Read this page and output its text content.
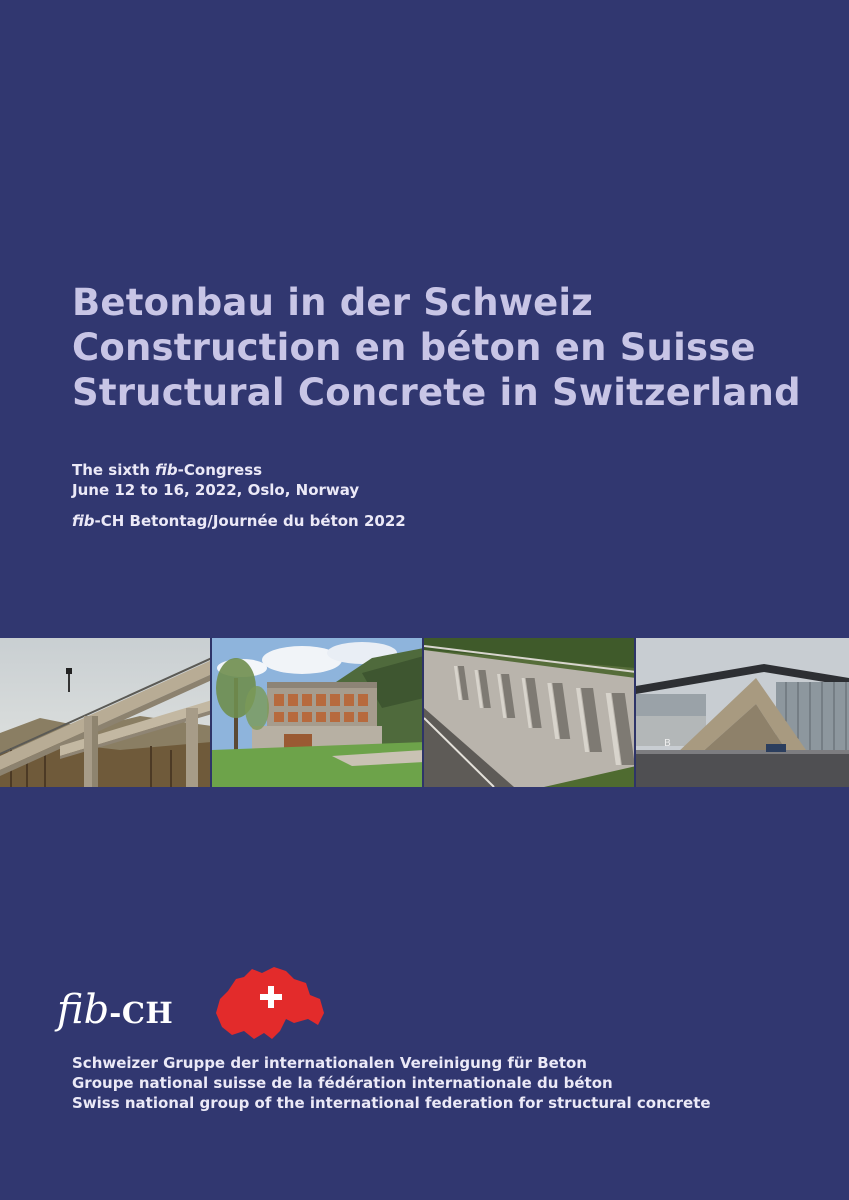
Betonbau in der Schweiz
Construction en béton en Suisse
Structural Concrete in Switzerland
The sixth fib-Congress
June 12 to 16, 2022, Oslo, Norway
fib-CH Betontag/Journée du béton 2022
B
fib-CH
Schweizer Gruppe der internationalen Vereinigung für Beton
Groupe national suisse de la fédération internationale du béton
Swiss national group of the international federation for structural concrete
